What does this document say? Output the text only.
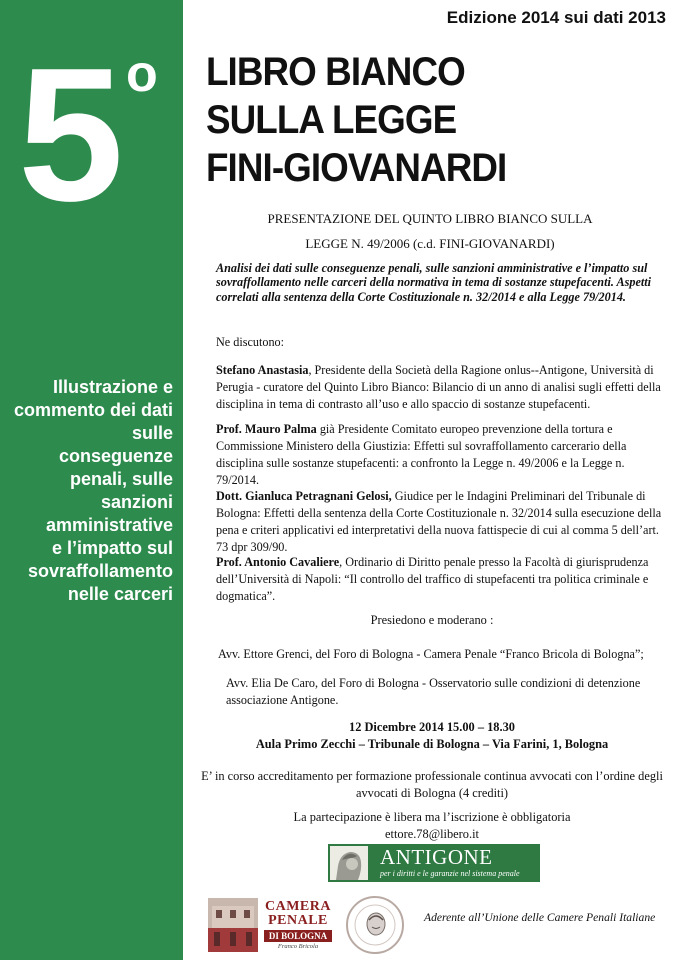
5 o
Illustrazione e
commento dei dati
sulle
conseguenze
penali, sulle
sanzioni
amministrative
e l’impatto sul
sovraffollamento
nelle carceri
Edizione 2014 sui dati 2013
LIBRO BIANCO
SULLA LEGGE
FINI-GIOVANARDI
PRESENTAZIONE DEL QUINTO LIBRO BIANCO SULLA
LEGGE N. 49/2006 (c.d. FINI-GIOVANARDI)
Analisi dei dati sulle conseguenze penali, sulle sanzioni amministrative e l’impatto sul sovraffollamento nelle carceri della normativa in tema di sostanze stupefacenti. Aspetti correlati alla sentenza della Corte Costituzionale n. 32/2014 e alla Legge 79/2014.
Ne discutono:
Stefano Anastasia, Presidente della Società della Ragione onlus--Antigone, Università di Perugia - curatore del Quinto Libro Bianco: Bilancio di un anno di analisi sugli effetti della disciplina in tema di contrasto all’uso e allo spaccio di sostanze stupefacenti.
Prof. Mauro Palma già Presidente Comitato europeo prevenzione della tortura e Commissione Ministero della Giustizia: Effetti sul sovraffollamento carcerario della disciplina sulle sostanze stupefacenti: a confronto la Legge n. 49/2006 e la Legge n. 79/2014.
Dott. Gianluca Petragnani Gelosi, Giudice per le Indagini Preliminari del Tribunale di Bologna: Effetti della sentenza della Corte Costituzionale n. 32/2014 sulla esecuzione della pena e criteri applicativi ed interpretativi della nuova fattispecie di cui al comma 5 dell’art. 73 dpr 309/90.
Prof. Antonio Cavaliere, Ordinario di Diritto penale presso la Facoltà di giurisprudenza dell’Università di Napoli: “Il controllo del traffico di stupefacenti tra politica criminale e dogmatica”.
Presiedono e moderano :
Avv. Ettore Grenci, del Foro di Bologna - Camera Penale “Franco Bricola di Bologna”;
Avv. Elia De Caro, del Foro di Bologna - Osservatorio sulle condizioni di detenzione associazione Antigone.
12 Dicembre 2014 15.00 – 18.30
Aula Primo Zecchi – Tribunale di Bologna – Via Farini, 1, Bologna
E’ in corso accreditamento per formazione professionale continua avvocati con l’ordine degli avvocati di Bologna (4 crediti)
La partecipazione è libera ma l’iscrizione è obbligatoria
ettore.78@libero.it
ANTIGONE
per i diritti e le garanzie nel sistema penale
CAMERA
PENALE
DI BOLOGNA
Franco Bricola
Aderente all’Unione delle Camere Penali Italiane
